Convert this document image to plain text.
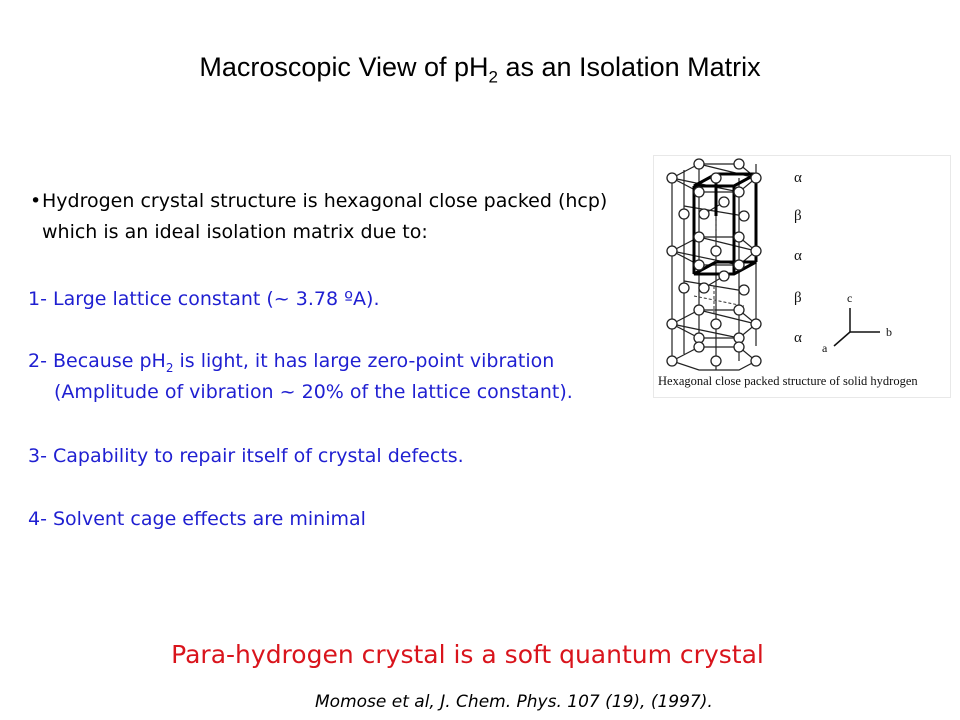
Macroscopic View of $pH_2$ as an Isolation Matrix
• Hydrogen crystal structure is hexagonal close packed (hcp) which is an ideal isolation matrix due to:
1- Large lattice constant (~ 3.78 ºA).
2- Because $pH_2$ is light, it has large zero-point vibration
(Amplitude of vibration ~ 20% of the lattice constant).
3- Capability to repair itself of crystal defects.
4- Solvent cage effects are minimal
Para-hydrogen crystal is a soft quantum crystal
Momose et al, J. Chem. Phys. 107 (19), (1997).
α
β
α
β
α
c
b
a
Hexagonal close packed structure of solid hydrogen
